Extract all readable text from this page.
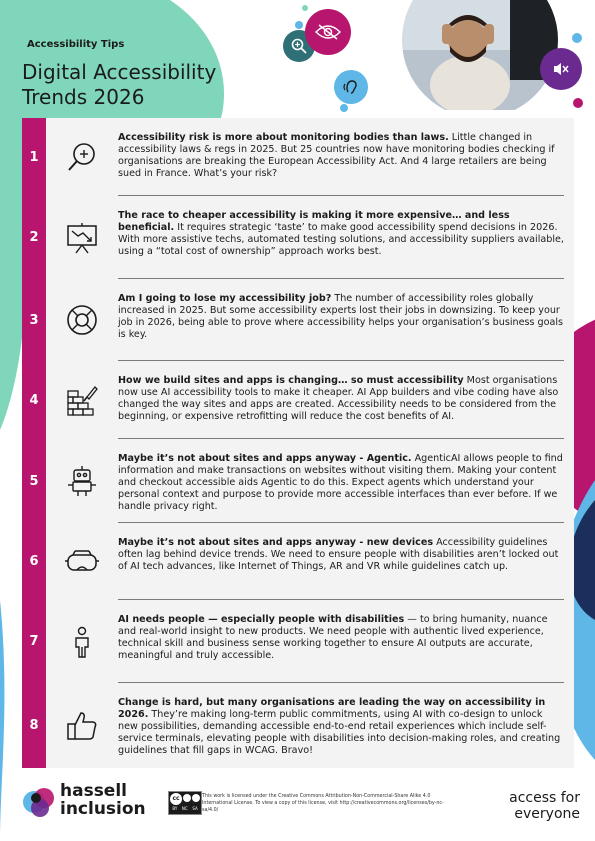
Accessibility Tips
Digital Accessibility
Trends 2026
1
Accessibility risk is more about monitoring bodies than laws. Little changed in accessibility laws & regs in 2025. But 25 countries now have monitoring bodies checking if organisations are breaking the European Accessibility Act. And 4 large retailers are being sued in France. What’s your risk?
2
The race to cheaper accessibility is making it more expensive… and less beneficial. It requires strategic ‘taste’ to make good accessibility spend decisions in 2026. With more assistive techs, automated testing solutions, and accessibility suppliers available, using a “total cost of ownership” approach works best.
3
Am I going to lose my accessibility job? The number of accessibility roles globally increased in 2025. But some accessibility experts lost their jobs in downsizing. To keep your job in 2026, being able to prove where accessibility helps your organisation’s business goals is key.
4
How we build sites and apps is changing… so must accessibility Most organisations now use AI accessibility tools to make it cheaper. AI App builders and vibe coding have also changed the way sites and apps are created. Accessibility needs to be considered from the beginning, or expensive retrofitting will reduce the cost benefits of AI.
5
Maybe it’s not about sites and apps anyway - Agentic. AgenticAI allows people to find information and make transactions on websites without visiting them. Making your content and checkout accessible aids Agentic to do this. Expect agents which understand your personal context and purpose to provide more accessible interfaces than ever before. If we handle privacy right.
6
Maybe it’s not about sites and apps anyway - new devices Accessibility guidelines often lag behind device trends. We need to ensure people with disabilities aren’t locked out of AI tech advances, like Internet of Things, AR and VR while guidelines catch up.
7
AI needs people — especially people with disabilities — to bring humanity, nuance and real-world insight to new products. We need people with authentic lived experience, technical skill and business sense working together to ensure AI outputs are accurate, meaningful and truly accessible.
8
Change is hard, but many organisations are leading the way on accessibility in 2026. They’re making long-term public commitments, using AI with co-design to unlock new possibilities, demanding accessible end-to-end retail experiences which include self-service terminals, elevating people with disabilities into decision-making roles, and creating guidelines that fill gaps in WCAG. Bravo!
hassell
inclusion
cc
BY NC SA
This work is licensed under the Creative Commons Attribution-Non-Commercial-Share Alike 4.0 International License. To view a copy of this license, visit http://creativecommons.org/licenses/by-nc-sa/4.0/
access for
everyone
